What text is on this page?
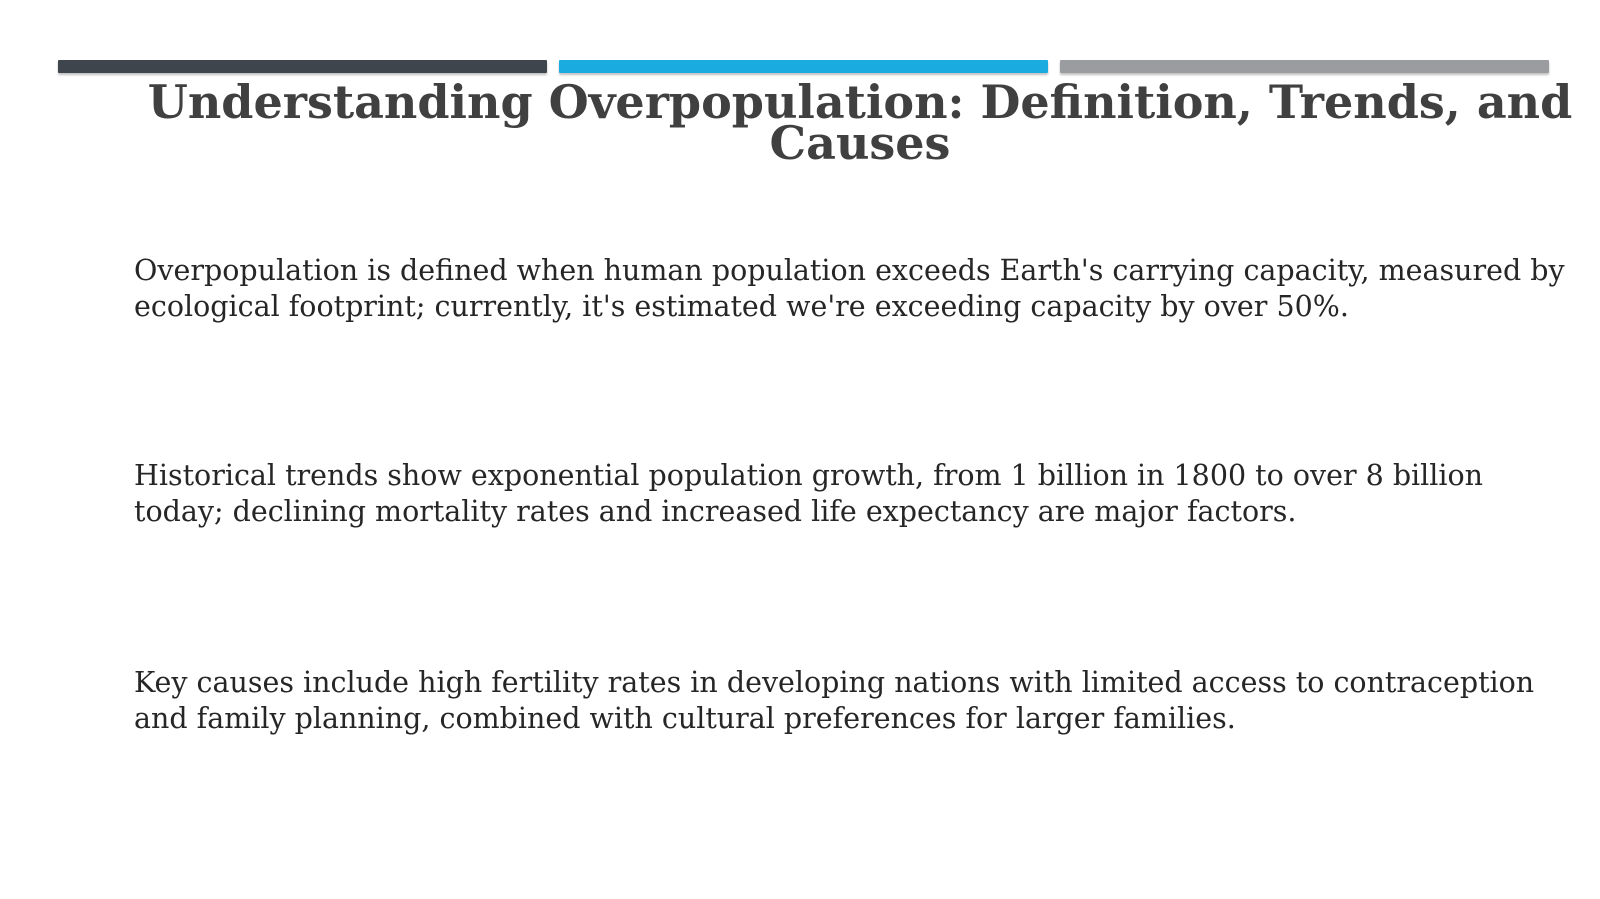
Understanding Overpopulation: Definition, Trends, and Causes

Overpopulation is defined when human population exceeds Earth's carrying capacity, measured by ecological footprint; currently, it's estimated we're exceeding capacity by over 50%.

Historical trends show exponential population growth, from 1 billion in 1800 to over 8 billion today; declining mortality rates and increased life expectancy are major factors.

Key causes include high fertility rates in developing nations with limited access to contraception and family planning, combined with cultural preferences for larger families.
